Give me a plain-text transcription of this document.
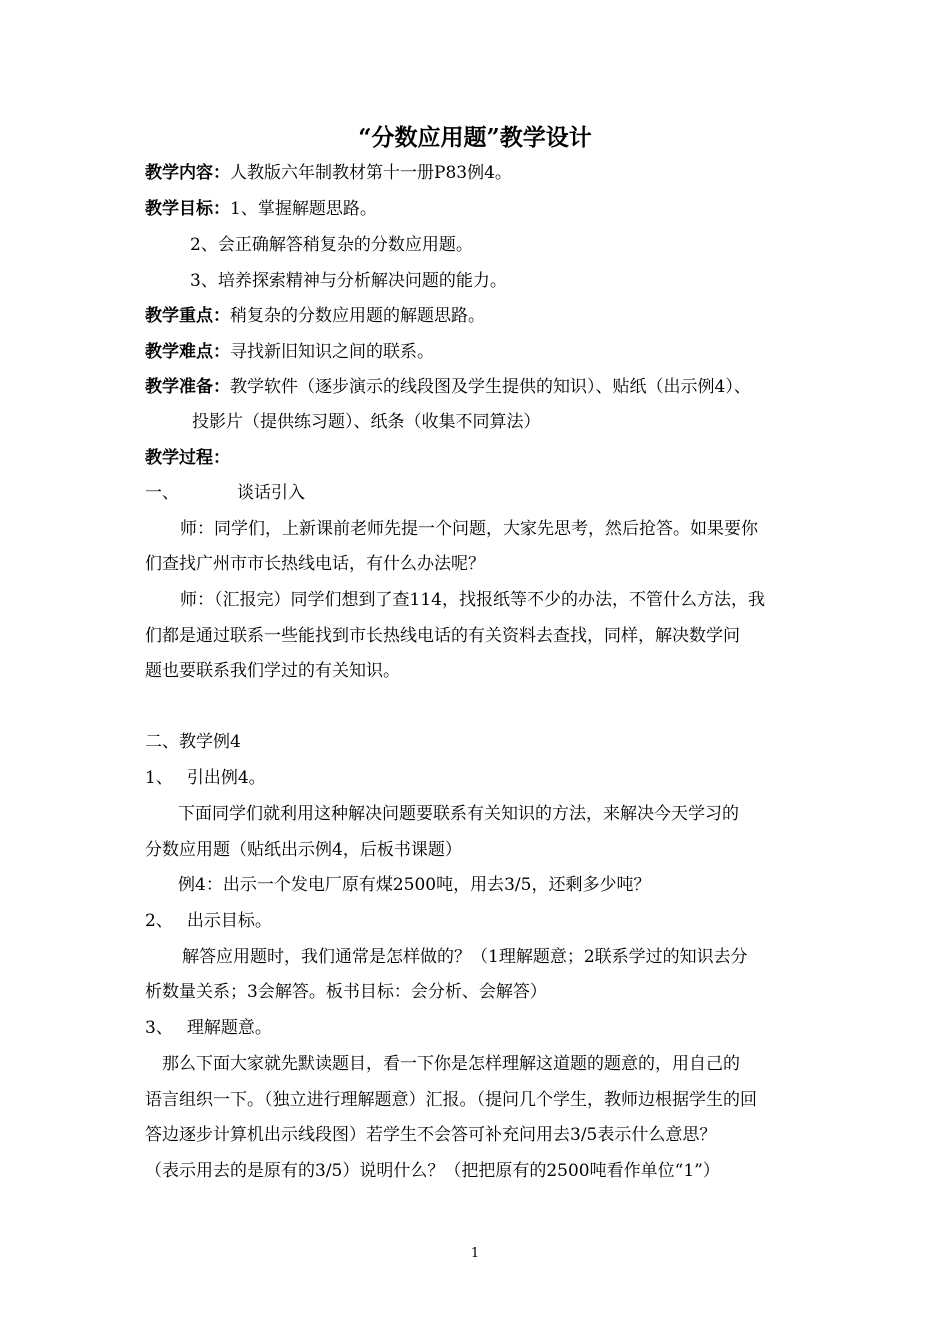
“分数应用题”教学设计
教学内容：人教版六年制教材第十一册P83例4。
教学目标：1、掌握解题思路。
2、会正确解答稍复杂的分数应用题。
3、培养探索精神与分析解决问题的能力。
教学重点：稍复杂的分数应用题的解题思路。
教学难点：寻找新旧知识之间的联系。
教学准备：教学软件（逐步演示的线段图及学生提供的知识）、贴纸（出示例4）、
投影片（提供练习题）、纸条（收集不同算法）
教学过程：
一、	谈话引入
师：同学们，上新课前老师先提一个问题，大家先思考，然后抢答。如果要你
们查找广州市市长热线电话，有什么办法呢？
师：（汇报完）同学们想到了查114，找报纸等不少的办法，不管什么方法，我
们都是通过联系一些能找到市长热线电话的有关资料去查找，同样，解决数学问
题也要联系我们学过的有关知识。
二、教学例4
1、 引出例4。
下面同学们就利用这种解决问题要联系有关知识的方法，来解决今天学习的
分数应用题（贴纸出示例4，后板书课题）
例4：出示一个发电厂原有煤2500吨，用去3/5，还剩多少吨？
2、 出示目标。
解答应用题时，我们通常是怎样做的？（1理解题意；2联系学过的知识去分
析数量关系；3会解答。板书目标：会分析、会解答）
3、 理解题意。
那么下面大家就先默读题目，看一下你是怎样理解这道题的题意的，用自己的
语言组织一下。（独立进行理解题意）汇报。（提问几个学生，教师边根据学生的回
答边逐步计算机出示线段图）若学生不会答可补充问用去3/5表示什么意思？
（表示用去的是原有的3/5）说明什么？（把把原有的2500吨看作单位“1”）
1
